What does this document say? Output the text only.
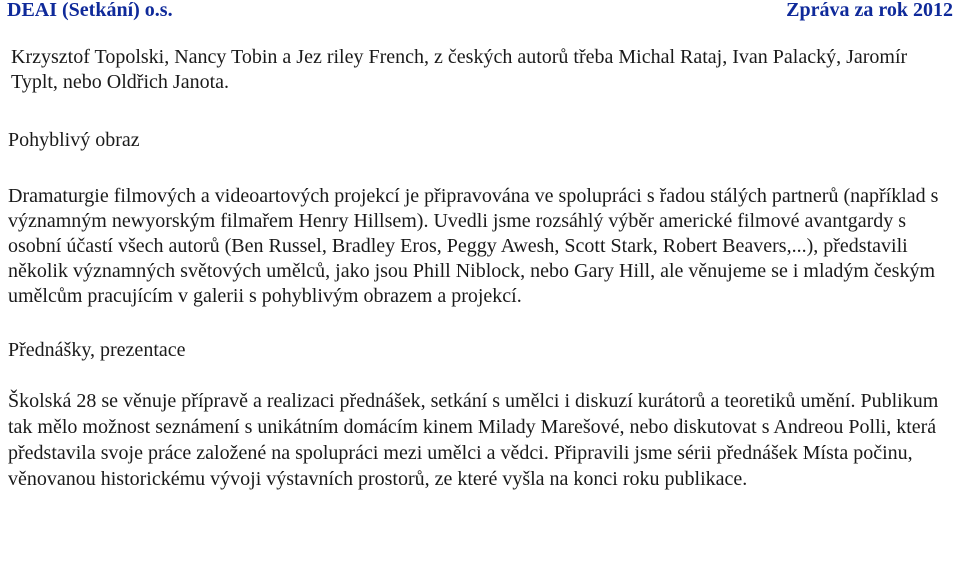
DEAI (Setkání) o.s.	Zpráva za rok 2012

Krzysztof Topolski, Nancy Tobin a Jez riley French, z českých autorů třeba Michal Rataj, Ivan Palacký, Jaromír Typlt, nebo Oldřich Janota.

Pohyblivý obraz

Dramaturgie filmových a videoartových projekcí je připravována ve spolupráci s řadou stálých partnerů (například s významným newyorským filmařem Henry Hillsem). Uvedli jsme rozsáhlý výběr americké filmové avantgardy s osobní účastí všech autorů (Ben Russel, Bradley Eros, Peggy Awesh, Scott Stark, Robert Beavers,...), představili několik významných světových umělců, jako jsou Phill Niblock, nebo Gary Hill, ale věnujeme se i mladým českým umělcům pracujícím v galerii s pohyblivým obrazem a projekcí.

Přednášky, prezentace

Školská 28 se věnuje přípravě a realizaci přednášek, setkání s umělci i diskuzí kurátorů a teoretiků umění. Publikum tak mělo možnost seznámení s unikátním domácím kinem Milady Marešové, nebo diskutovat s Andreou Polli, která představila svoje práce založené na spolupráci mezi umělci a vědci. Připravili jsme sérii přednášek Místa počinu, věnovanou historickému vývoji výstavních prostorů, ze které vyšla na konci roku publikace.
